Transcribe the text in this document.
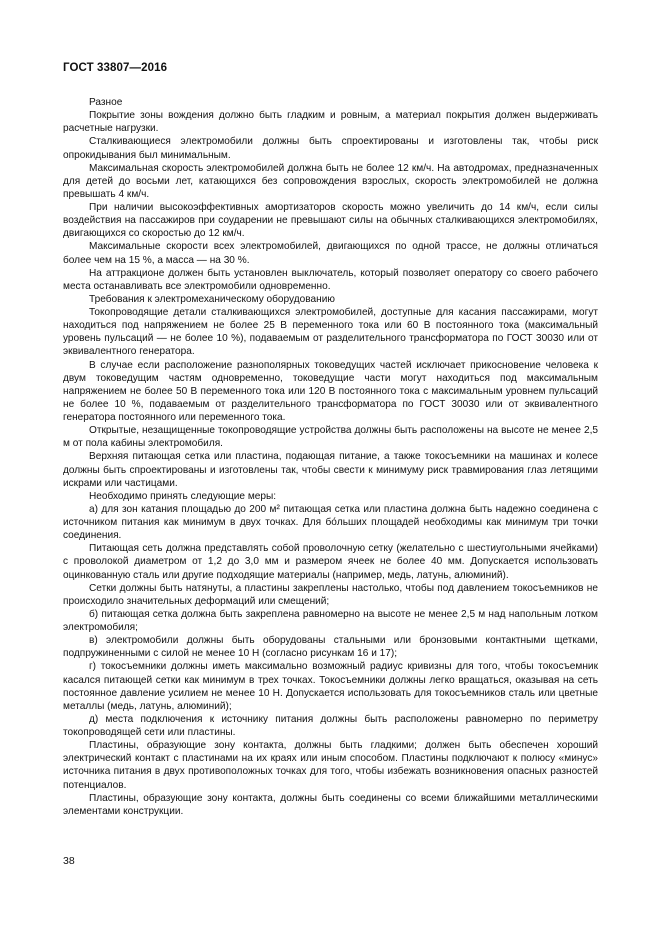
ГОСТ 33807—2016

Разное

Покрытие зоны вождения должно быть гладким и ровным, а материал покрытия должен выдерживать расчетные нагрузки.

Сталкивающиеся электромобили должны быть спроектированы и изготовлены так, чтобы риск опрокидывания был минимальным.

Максимальная скорость электромобилей должна быть не более 12 км/ч. На автодромах, предназначенных для детей до восьми лет, катающихся без сопровождения взрослых, скорость электромобилей не должна превышать 4 км/ч.

При наличии высокоэффективных амортизаторов скорость можно увеличить до 14 км/ч, если силы воздействия на пассажиров при соударении не превышают силы на обычных сталкивающихся электромобилях, двигающихся со скоростью до 12 км/ч.

Максимальные скорости всех электромобилей, двигающихся по одной трассе, не должны отличаться более чем на 15 %, а масса — на 30 %.

На аттракционе должен быть установлен выключатель, который позволяет оператору со своего рабочего места останавливать все электромобили одновременно.

Требования к электромеханическому оборудованию

Токопроводящие детали сталкивающихся электромобилей, доступные для касания пассажирами, могут находиться под напряжением не более 25 В переменного тока или 60 В постоянного тока (максимальный уровень пульсаций — не более 10 %), подаваемым от разделительного трансформатора по ГОСТ 30030 или от эквивалентного генератора.

В случае если расположение разнополярных токоведущих частей исключает прикосновение человека к двум токоведущим частям одновременно, токоведущие части могут находиться под максимальным напряжением не более 50 В переменного тока или 120 В постоянного тока с максимальным уровнем пульсаций не более 10 %, подаваемым от разделительного трансформатора по ГОСТ 30030 или от эквивалентного генератора постоянного или переменного тока.

Открытые, незащищенные токопроводящие устройства должны быть расположены на высоте не менее 2,5 м от пола кабины электромобиля.

Верхняя питающая сетка или пластина, подающая питание, а также токосъемники на машинах и колесе должны быть спроектированы и изготовлены так, чтобы свести к минимуму риск травмирования глаз летящими искрами или частицами.

Необходимо принять следующие меры:

а) для зон катания площадью до 200 м² питающая сетка или пластина должна быть надежно соединена с источником питания как минимум в двух точках. Для бо́льших площадей необходимы как минимум три точки соединения.

Питающая сеть должна представлять собой проволочную сетку (желательно с шестиугольными ячейками) с проволокой диаметром от 1,2 до 3,0 мм и размером ячеек не более 40 мм. Допускается использовать оцинкованную сталь или другие подходящие материалы (например, медь, латунь, алюминий).

Сетки должны быть натянуты, а пластины закреплены настолько, чтобы под давлением токосъемников не происходило значительных деформаций или смещений;

б) питающая сетка должна быть закреплена равномерно на высоте не менее 2,5 м над напольным лотком электромобиля;

в) электромобили должны быть оборудованы стальными или бронзовыми контактными щетками, подпружиненными с силой не менее 10 Н (согласно рисункам 16 и 17);

г) токосъемники должны иметь максимально возможный радиус кривизны для того, чтобы токосъемник касался питающей сетки как минимум в трех точках. Токосъемники должны легко вращаться, оказывая на сеть постоянное давление усилием не менее 10 Н. Допускается использовать для токосъемников сталь или цветные металлы (медь, латунь, алюминий);

д) места подключения к источнику питания должны быть расположены равномерно по периметру токопроводящей сети или пластины.

Пластины, образующие зону контакта, должны быть гладкими; должен быть обеспечен хороший электрический контакт с пластинами на их краях или иным способом. Пластины подключают к полюсу «минус» источника питания в двух противоположных точках для того, чтобы избежать возникновения опасных разностей потенциалов.

Пластины, образующие зону контакта, должны быть соединены со всеми ближайшими металлическими элементами конструкции.

38
